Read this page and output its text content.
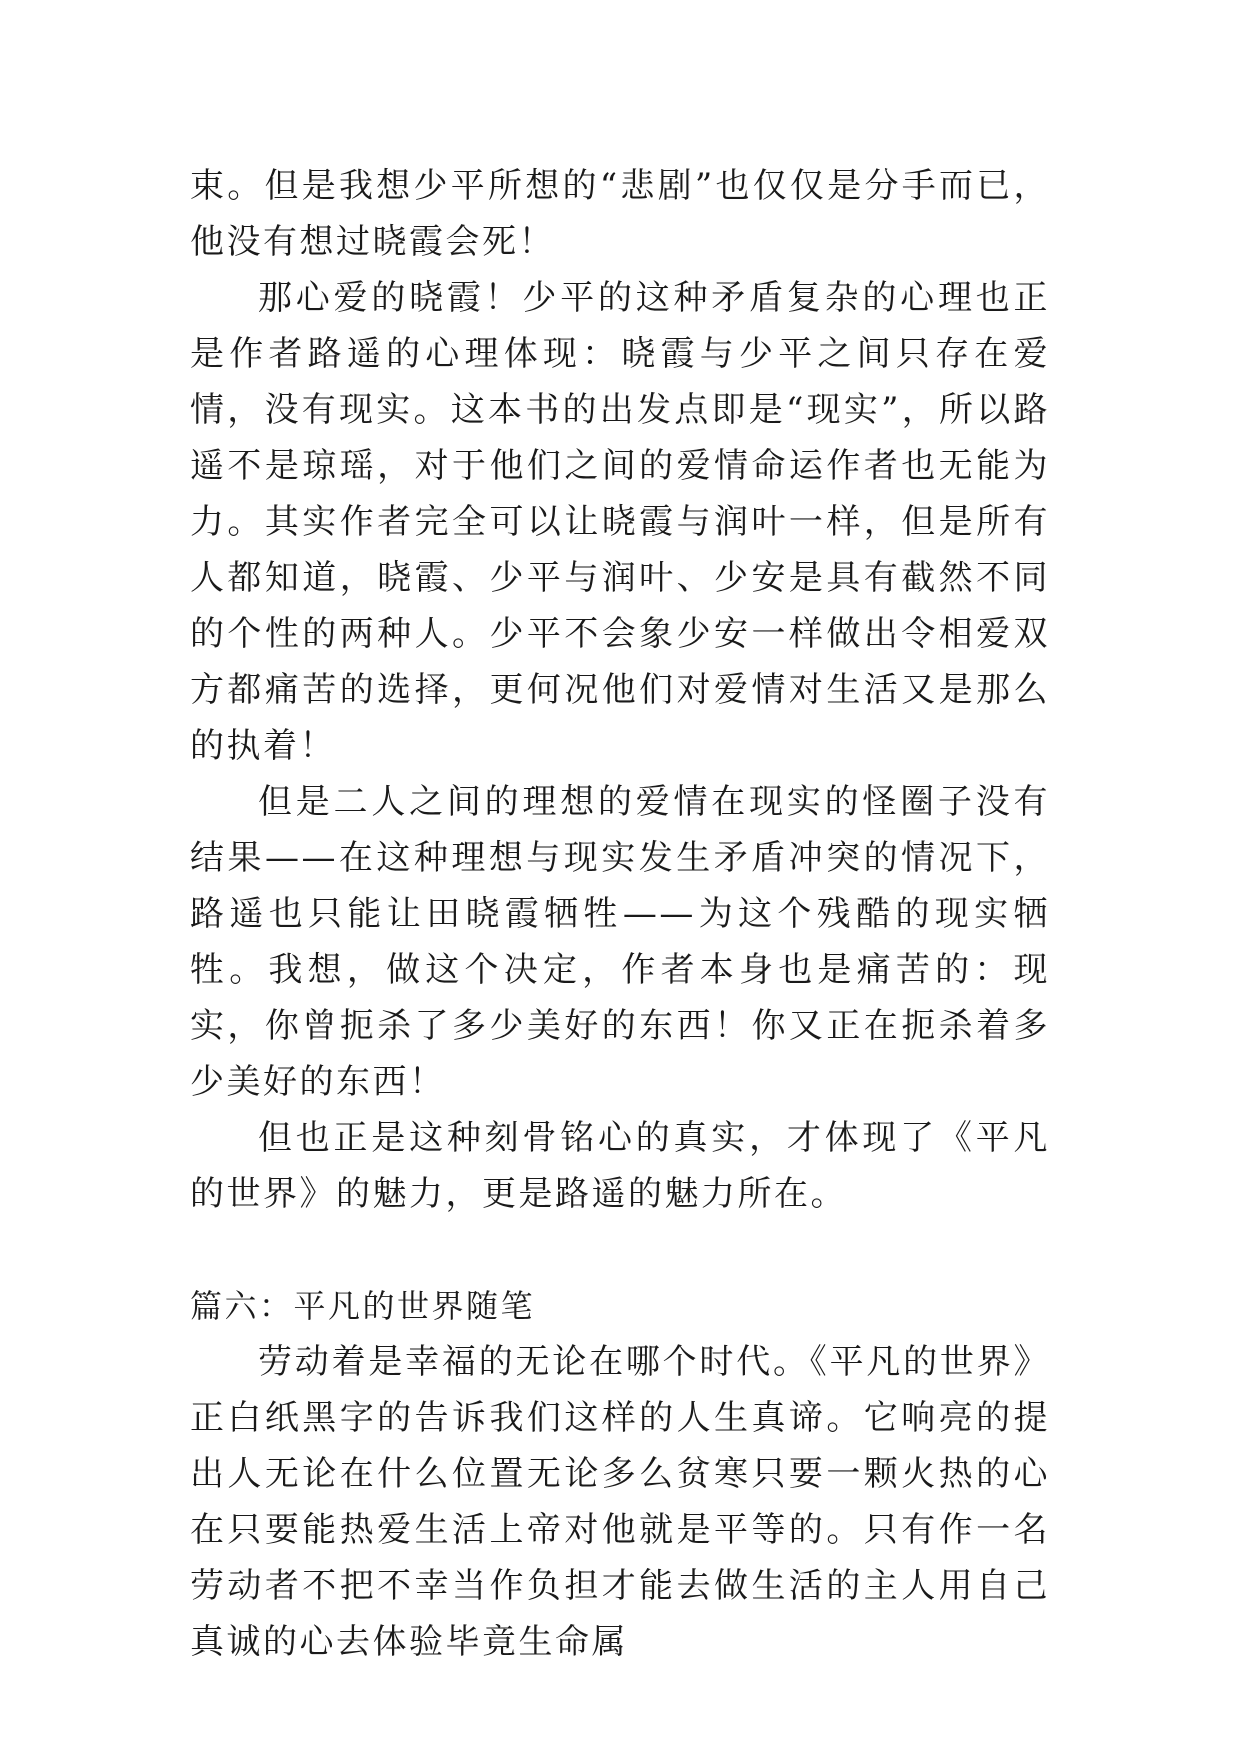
束。但是我想少平所想的“悲剧”也仅仅是分手而已，他没有想过晓霞会死！

那心爱的晓霞！少平的这种矛盾复杂的心理也正是作者路遥的心理体现：晓霞与少平之间只存在爱情，没有现实。这本书的出发点即是“现实”，所以路遥不是琼瑶，对于他们之间的爱情命运作者也无能为力。其实作者完全可以让晓霞与润叶一样，但是所有人都知道，晓霞、少平与润叶、少安是具有截然不同的个性的两种人。少平不会象少安一样做出令相爱双方都痛苦的选择，更何况他们对爱情对生活又是那么的执着！

但是二人之间的理想的爱情在现实的怪圈子没有结果——在这种理想与现实发生矛盾冲突的情况下，路遥也只能让田晓霞牺牲——为这个残酷的现实牺牲。我想，做这个决定，作者本身也是痛苦的：现实，你曾扼杀了多少美好的东西！你又正在扼杀着多少美好的东西！

但也正是这种刻骨铭心的真实，才体现了《平凡的世界》的魅力，更是路遥的魅力所在。

篇六：平凡的世界随笔

劳动着是幸福的无论在哪个时代。《平凡的世界》正白纸黑字的告诉我们这样的人生真谛。它响亮的提出人无论在什么位置无论多么贫寒只要一颗火热的心在只要能热爱生活上帝对他就是平等的。只有作一名劳动者不把不幸当作负担才能去做生活的主人用自己真诚的心去体验毕竟生命属
